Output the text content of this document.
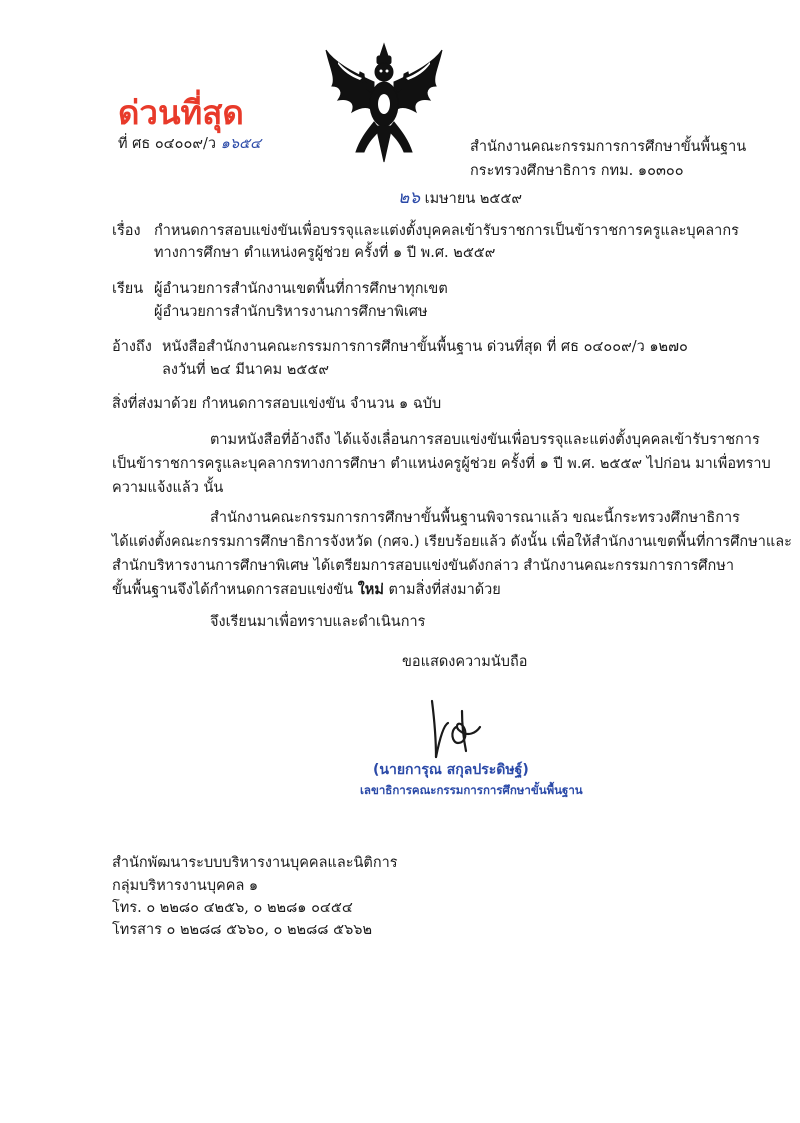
ด่วนที่สุด
ที่ ศธ ๐๔๐๐๙/ว ๑๖๕๔	สำนักงานคณะกรรมการการศึกษาขั้นพื้นฐาน
กระทรวงศึกษาธิการ กทม. ๑๐๓๐๐
๒๖ เมษายน ๒๕๕๙
เรื่อง กำหนดการสอบแข่งขันเพื่อบรรจุและแต่งตั้งบุคคลเข้ารับราชการเป็นข้าราชการครูและบุคลากร
ทางการศึกษา ตำแหน่งครูผู้ช่วย ครั้งที่ ๑ ปี พ.ศ. ๒๕๕๙
เรียน ผู้อำนวยการสำนักงานเขตพื้นที่การศึกษาทุกเขต
ผู้อำนวยการสำนักบริหารงานการศึกษาพิเศษ
อ้างถึง หนังสือสำนักงานคณะกรรมการการศึกษาขั้นพื้นฐาน ด่วนที่สุด ที่ ศธ ๐๔๐๐๙/ว ๑๒๗๐
ลงวันที่ ๒๔ มีนาคม ๒๕๕๙
สิ่งที่ส่งมาด้วย กำหนดการสอบแข่งขัน จำนวน ๑ ฉบับ
ตามหนังสือที่อ้างถึง ได้แจ้งเลื่อนการสอบแข่งขันเพื่อบรรจุและแต่งตั้งบุคคลเข้ารับราชการ
เป็นข้าราชการครูและบุคลากรทางการศึกษา ตำแหน่งครูผู้ช่วย ครั้งที่ ๑ ปี พ.ศ. ๒๕๕๙ ไปก่อน มาเพื่อทราบ
ความแจ้งแล้ว นั้น
สำนักงานคณะกรรมการการศึกษาขั้นพื้นฐานพิจารณาแล้ว ขณะนี้กระทรวงศึกษาธิการ
ได้แต่งตั้งคณะกรรมการศึกษาธิการจังหวัด (กศจ.) เรียบร้อยแล้ว ดังนั้น เพื่อให้สำนักงานเขตพื้นที่การศึกษาและ
สำนักบริหารงานการศึกษาพิเศษ ได้เตรียมการสอบแข่งขันดังกล่าว สำนักงานคณะกรรมการการศึกษา
ขั้นพื้นฐานจึงได้กำหนดการสอบแข่งขัน ใหม่ ตามสิ่งที่ส่งมาด้วย
จึงเรียนมาเพื่อทราบและดำเนินการ
ขอแสดงความนับถือ
(นายการุณ สกุลประดิษฐ์)
เลขาธิการคณะกรรมการการศึกษาขั้นพื้นฐาน
สำนักพัฒนาระบบบริหารงานบุคคลและนิติการ
กลุ่มบริหารงานบุคคล ๑
โทร. ๐ ๒๒๘๐ ๔๒๕๖, ๐ ๒๒๘๑ ๐๔๕๔
โทรสาร ๐ ๒๒๘๘ ๕๖๖๐, ๐ ๒๒๘๘ ๕๖๖๒
